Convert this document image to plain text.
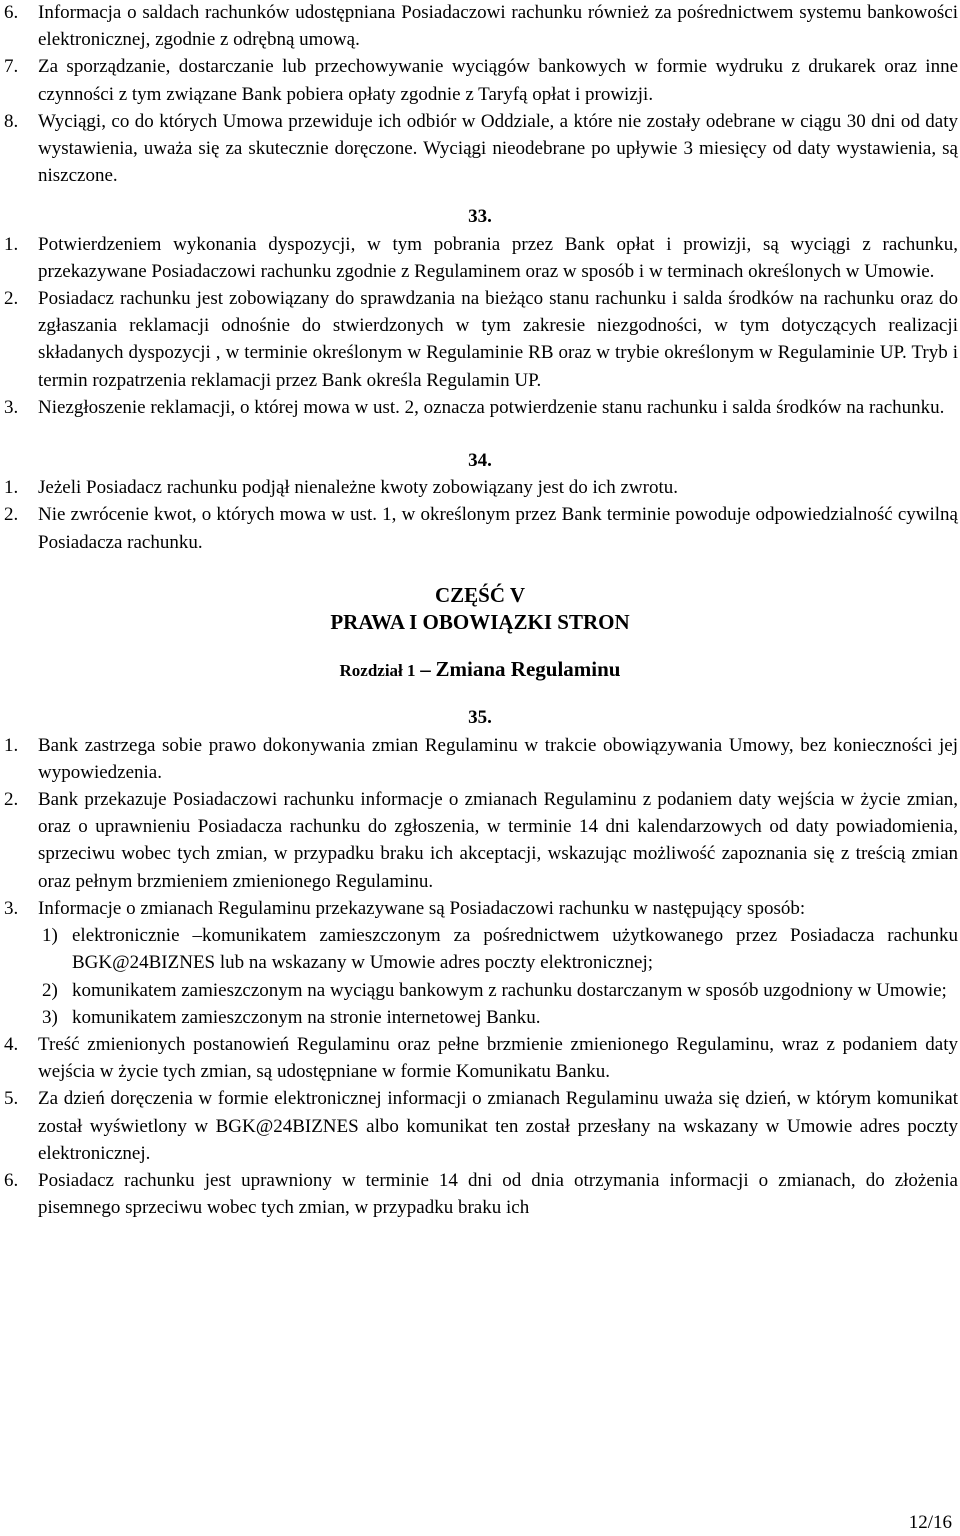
6.	Informacja o saldach rachunków udostępniana Posiadaczowi rachunku również za pośrednictwem systemu bankowości elektronicznej, zgodnie z odrębną umową.
7.	Za sporządzanie, dostarczanie lub przechowywanie wyciągów bankowych w formie wydruku z drukarek oraz inne czynności z tym związane Bank pobiera opłaty zgodnie z Taryfą opłat i prowizji.
8.	Wyciągi, co do których Umowa przewiduje ich odbiór w Oddziale, a które nie zostały odebrane w ciągu 30 dni od daty wystawienia, uważa się za skutecznie doręczone. Wyciągi nieodebrane po upływie 3 miesięcy od daty wystawienia, są niszczone.

33.

1.	Potwierdzeniem wykonania dyspozycji, w tym pobrania przez Bank opłat i prowizji, są wyciągi z rachunku, przekazywane Posiadaczowi rachunku zgodnie z Regulaminem oraz w sposób i w terminach określonych w Umowie.
2.	Posiadacz rachunku jest zobowiązany do sprawdzania na bieżąco stanu rachunku i salda środków na rachunku oraz do zgłaszania reklamacji odnośnie do stwierdzonych w tym zakresie niezgodności, w tym dotyczących realizacji składanych dyspozycji , w terminie określonym w Regulaminie RB oraz w trybie określonym w Regulaminie UP. Tryb i termin rozpatrzenia reklamacji przez Bank określa Regulamin UP.
3.	Niezgłoszenie reklamacji, o której mowa w ust. 2, oznacza potwierdzenie stanu rachunku i salda środków na rachunku.

34.

1.	Jeżeli Posiadacz rachunku podjął nienależne kwoty zobowiązany jest do ich zwrotu.
2.	Nie zwrócenie kwot, o których mowa w ust. 1, w określonym przez Bank terminie powoduje odpowiedzialność cywilną Posiadacza rachunku.

CZĘŚĆ V

PRAWA I OBOWIĄZKI STRON

Rozdział 1 – Zmiana Regulaminu

35.

1.	Bank zastrzega sobie prawo dokonywania zmian Regulaminu w trakcie obowiązywania Umowy, bez konieczności jej wypowiedzenia.
2.	Bank przekazuje Posiadaczowi rachunku informacje o zmianach Regulaminu z podaniem daty wejścia w życie zmian, oraz o uprawnieniu Posiadacza rachunku do zgłoszenia, w terminie 14 dni kalendarzowych od daty powiadomienia, sprzeciwu wobec tych zmian, w przypadku braku ich akceptacji, wskazując możliwość zapoznania się z treścią zmian oraz pełnym brzmieniem zmienionego Regulaminu.
3.	Informacje o zmianach Regulaminu przekazywane są Posiadaczowi rachunku w następujący sposób:
1) elektronicznie –komunikatem zamieszczonym za pośrednictwem użytkowanego przez Posiadacza rachunku BGK@24BIZNES lub na wskazany w Umowie adres poczty elektronicznej;
2) komunikatem zamieszczonym na wyciągu bankowym z rachunku dostarczanym w sposób uzgodniony w Umowie;
3) komunikatem zamieszczonym na stronie internetowej Banku.
4.	Treść zmienionych postanowień Regulaminu oraz pełne brzmienie zmienionego Regulaminu, wraz z podaniem daty wejścia w życie tych zmian, są udostępniane w formie Komunikatu Banku.
5.	Za dzień doręczenia w formie elektronicznej informacji o zmianach Regulaminu uważa się dzień, w którym komunikat został wyświetlony w BGK@24BIZNES albo komunikat ten został przesłany na wskazany w Umowie adres poczty elektronicznej.
6.	Posiadacz rachunku jest uprawniony w terminie 14 dni od dnia otrzymania informacji o zmianach, do złożenia pisemnego sprzeciwu wobec tych zmian, w przypadku braku ich
12/16
